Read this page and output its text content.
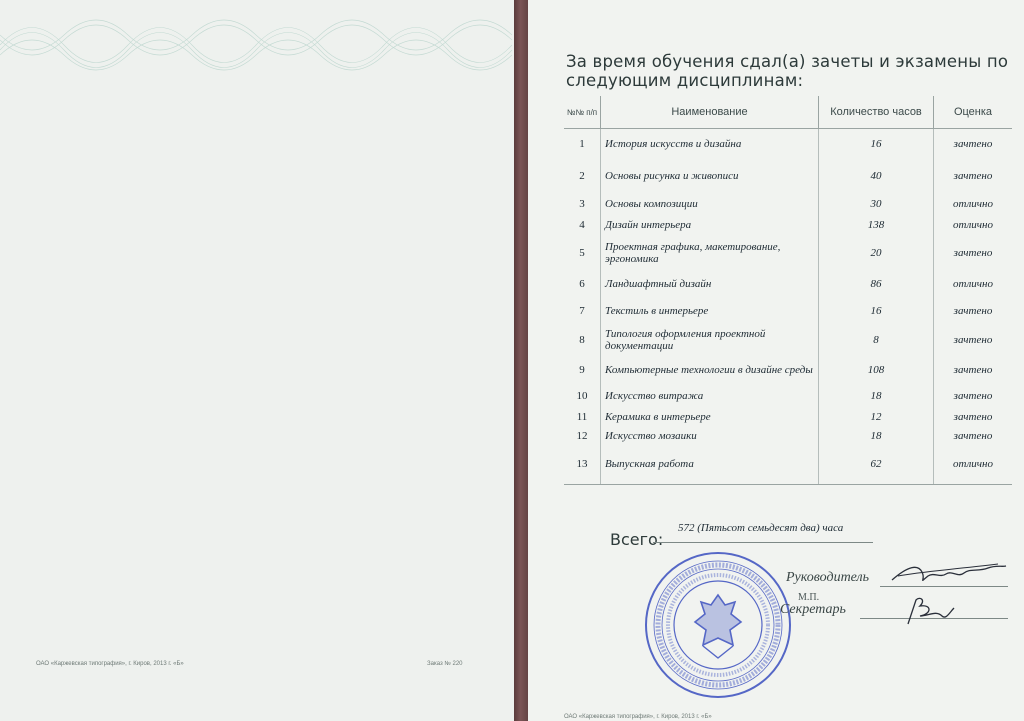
ОАО «Каржевская типография», г. Киров, 2013 г. «Б»	Заказ № 220
За время обучения сдал(а) зачеты и экзамены по следующим дисциплинам:
№№ п/п	Наименование	Количество часов	Оценка
1	История искусств и дизайна	16	зачтено
2	Основы рисунка и живописи	40	зачтено
3	Основы композиции	30	отлично
4	Дизайн интерьера	138	отлично
5	Проектная графика, макетирование, эргономика	20	зачтено
6	Ландшафтный дизайн	86	отлично
7	Текстиль в интерьере	16	зачтено
8	Типология оформления проектной документации	8	зачтено
9	Компьютерные технологии в дизайне среды	108	зачтено
10	Искусство витража	18	зачтено
11	Керамика в интерьере	12	зачтено
12	Искусство мозаики	18	зачтено
13	Выпускная работа	62	отлично
Всего:
572 (Пятьсот семьдесят два) часа
М.П.
Руководитель
Секретарь
ОАО «Каржевская типография», г. Киров, 2013 г. «Б»
